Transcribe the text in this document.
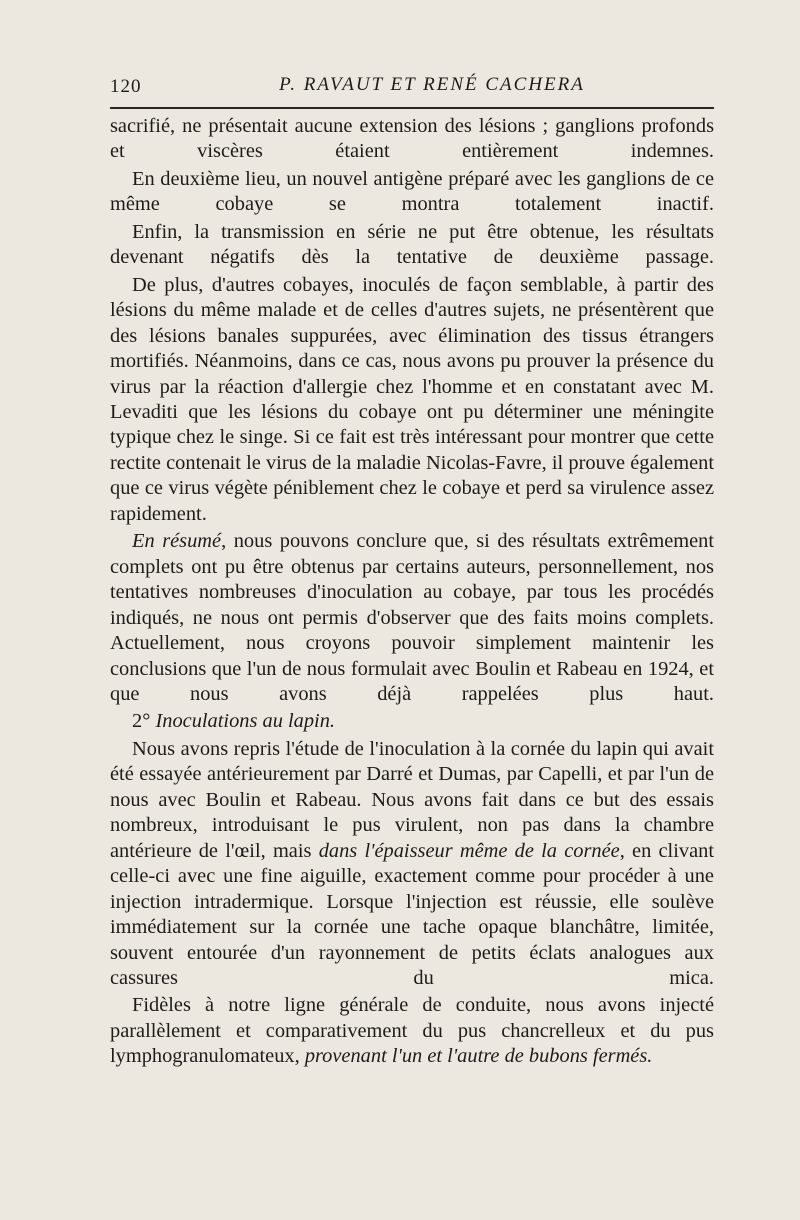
120	P. RAVAUT ET RENÉ CACHERA

sacrifié, ne présentait aucune extension des lésions ; ganglions profonds et viscères étaient entièrement indemnes.

En deuxième lieu, un nouvel antigène préparé avec les ganglions de ce même cobaye se montra totalement inactif.

Enfin, la transmission en série ne put être obtenue, les résultats devenant négatifs dès la tentative de deuxième passage.

De plus, d'autres cobayes, inoculés de façon semblable, à partir des lésions du même malade et de celles d'autres sujets, ne présentèrent que des lésions banales suppurées, avec élimination des tissus étrangers mortifiés. Néanmoins, dans ce cas, nous avons pu prouver la présence du virus par la réaction d'allergie chez l'homme et en constatant avec M. Levaditi que les lésions du cobaye ont pu déterminer une méningite typique chez le singe. Si ce fait est très intéressant pour montrer que cette rectite contenait le virus de la maladie Nicolas-Favre, il prouve également que ce virus végète péniblement chez le cobaye et perd sa virulence assez rapidement.

En résumé, nous pouvons conclure que, si des résultats extrêmement complets ont pu être obtenus par certains auteurs, personnellement, nos tentatives nombreuses d'inoculation au cobaye, par tous les procédés indiqués, ne nous ont permis d'observer que des faits moins complets. Actuellement, nous croyons pouvoir simplement maintenir les conclusions que l'un de nous formulait avec Boulin et Rabeau en 1924, et que nous avons déjà rappelées plus haut.

2° Inoculations au lapin.

Nous avons repris l'étude de l'inoculation à la cornée du lapin qui avait été essayée antérieurement par Darré et Dumas, par Capelli, et par l'un de nous avec Boulin et Rabeau. Nous avons fait dans ce but des essais nombreux, introduisant le pus virulent, non pas dans la chambre antérieure de l'œil, mais dans l'épaisseur même de la cornée, en clivant celle-ci avec une fine aiguille, exactement comme pour procéder à une injection intradermique. Lorsque l'injection est réussie, elle soulève immédiatement sur la cornée une tache opaque blanchâtre, limitée, souvent entourée d'un rayonnement de petits éclats analogues aux cassures du mica.

Fidèles à notre ligne générale de conduite, nous avons injecté parallèlement et comparativement du pus chancrelleux et du pus lymphogranulomateux, provenant l'un et l'autre de bubons fermés.
